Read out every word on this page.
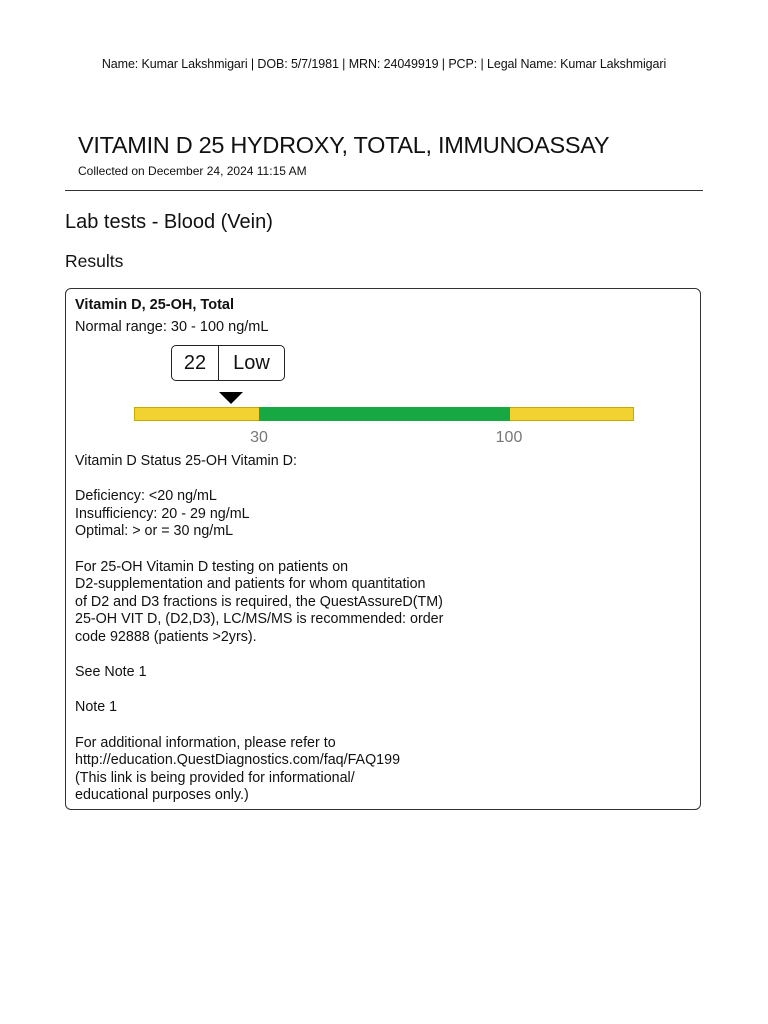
Name: Kumar Lakshmigari | DOB: 5/7/1981 | MRN: 24049919 | PCP: | Legal Name: Kumar Lakshmigari
VITAMIN D 25 HYDROXY, TOTAL, IMMUNOASSAY
Collected on December 24, 2024 11:15 AM
Lab tests - Blood (Vein)
Results
Vitamin D, 25-OH, Total
Normal range: 30 - 100 ng/mL
22	Low
30	100
Vitamin D Status 25-OH Vitamin D:

Deficiency: <20 ng/mL
Insufficiency: 20 - 29 ng/mL
Optimal: > or = 30 ng/mL

For 25-OH Vitamin D testing on patients on
D2-supplementation and patients for whom quantitation
of D2 and D3 fractions is required, the QuestAssureD(TM)
25-OH VIT D, (D2,D3), LC/MS/MS is recommended: order
code 92888 (patients >2yrs).

See Note 1

Note 1

For additional information, please refer to
http://education.QuestDiagnostics.com/faq/FAQ199
(This link is being provided for informational/
educational purposes only.)
